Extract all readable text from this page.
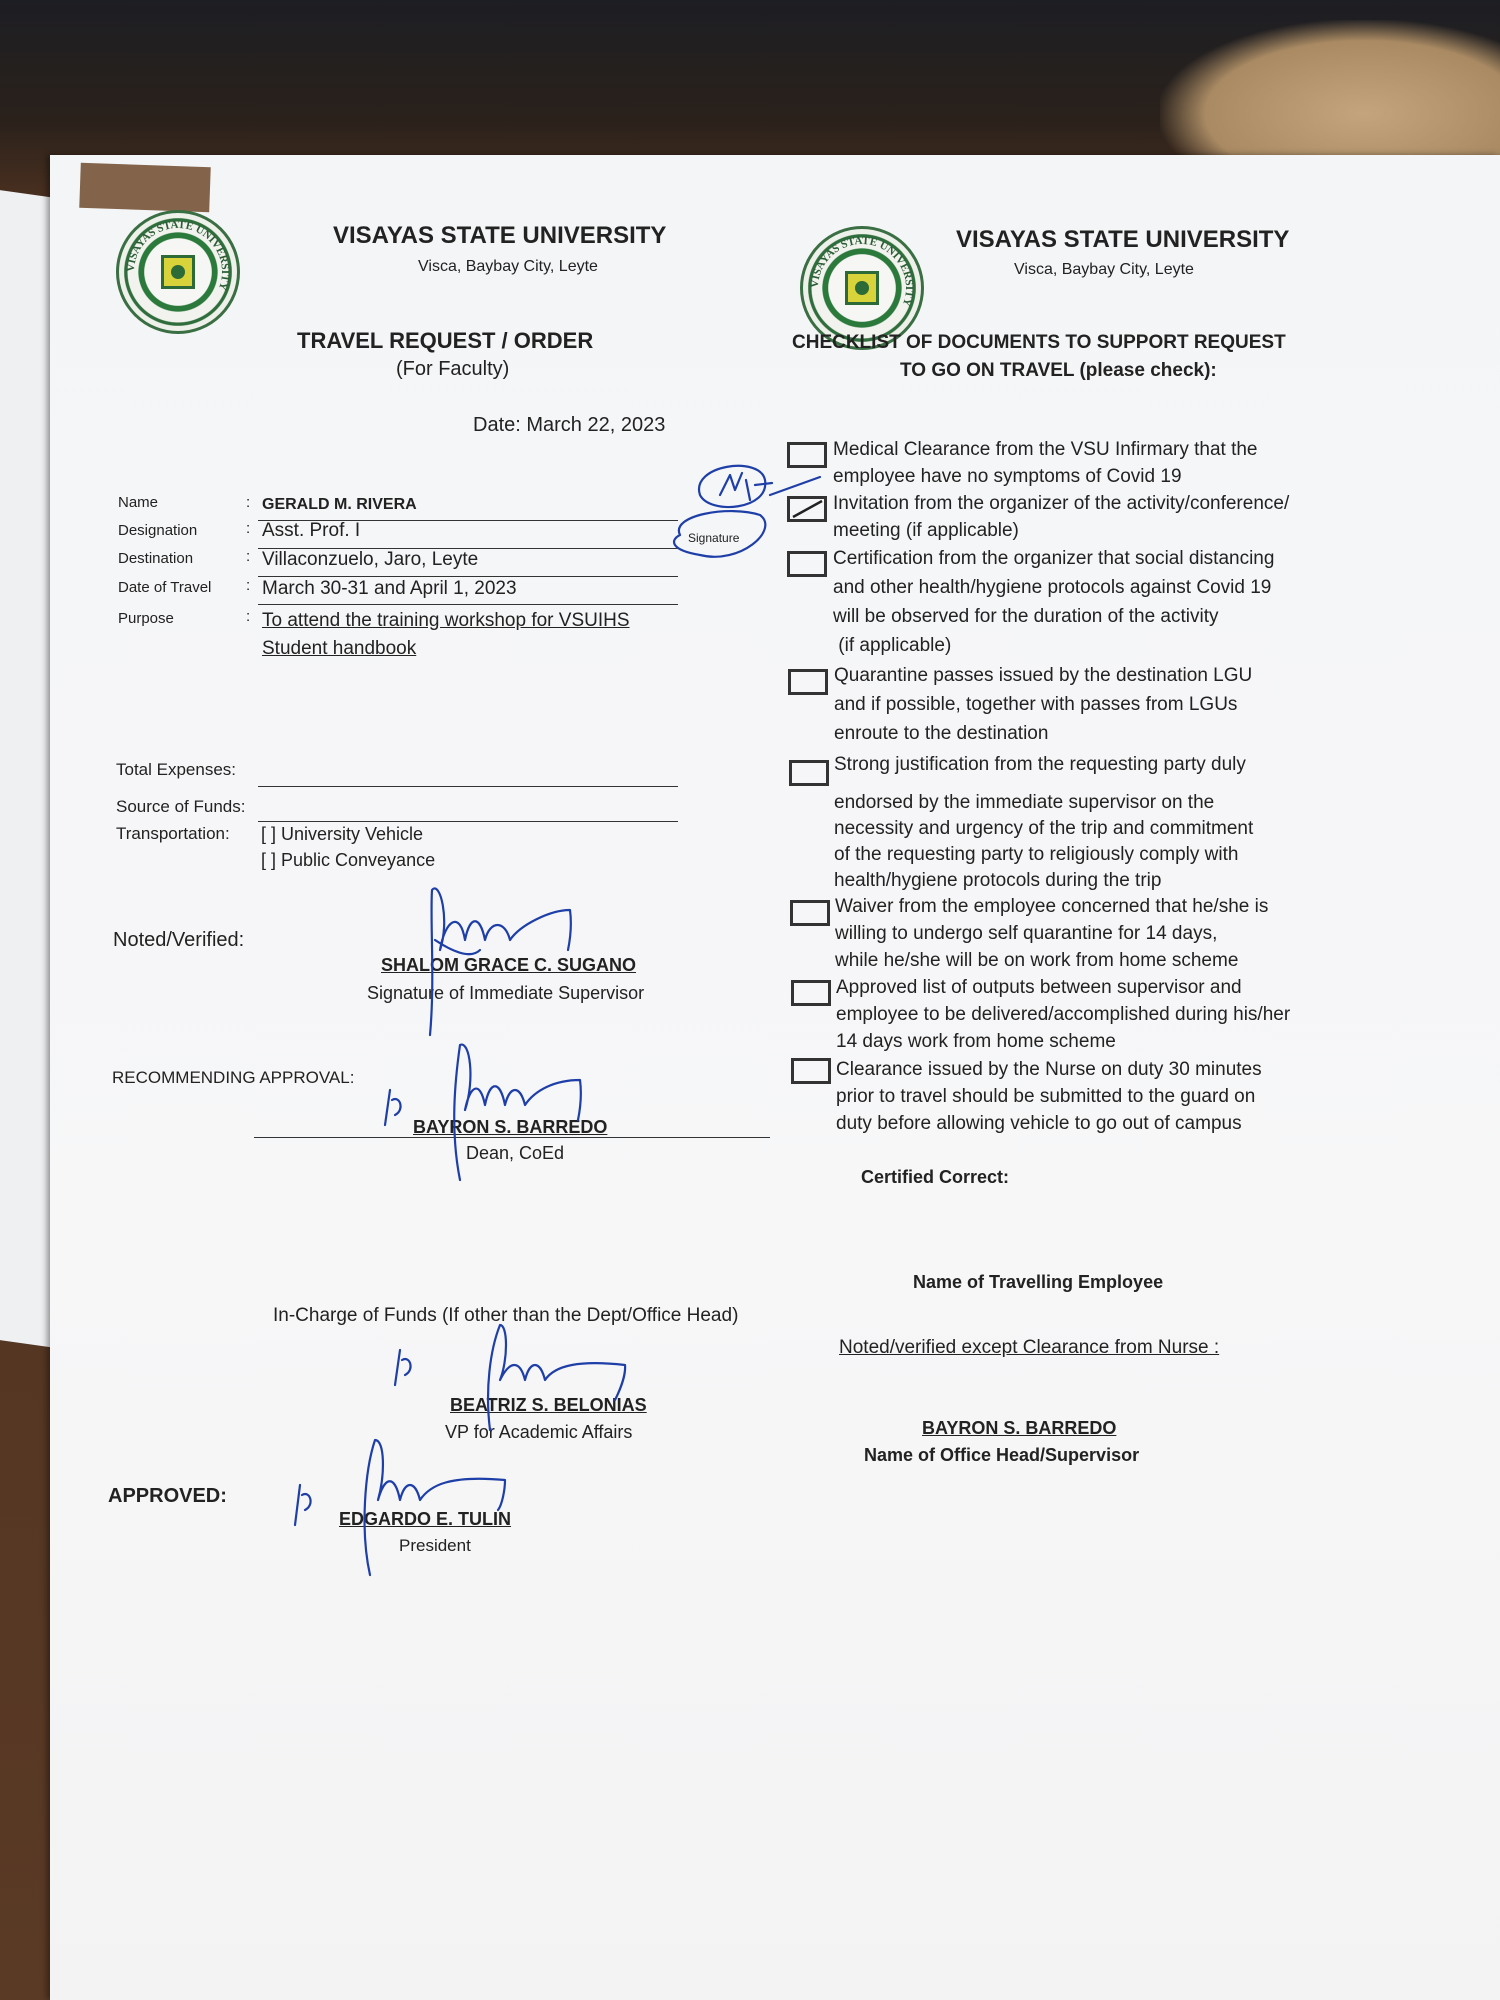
VISAYAS STATE UNIVERSITY
VISAYAS STATE UNIVERSITY
Visca, Baybay City, Leyte
TRAVEL REQUEST / ORDER
(For Faculty)
Date: March 22, 2023
Name	: GERALD M. RIVERA
Designation	: Asst. Prof. I
Destination	: Villaconzuelo, Jaro, Leyte
Date of Travel : March 30-31 and April 1, 2023
Purpose	: To attend the training workshop for VSUIHS
Student handbook
Signature
Total Expenses:
Source of Funds:
Transportation: [ ] University Vehicle
[ ] Public Conveyance
Noted/Verified:
SHALOM GRACE C. SUGANO
Signature of Immediate Supervisor
RECOMMENDING APPROVAL:
BAYRON S. BARREDO
Dean, CoEd
In-Charge of Funds (If other than the Dept/Office Head)
BEATRIZ S. BELONIAS
VP for Academic Affairs
APPROVED:
EDGARDO E. TULIN
President
VISAYAS STATE UNIVERSITY
VISAYAS STATE UNIVERSITY
Visca, Baybay City, Leyte
CHECKLIST OF DOCUMENTS TO SUPPORT REQUEST
TO GO ON TRAVEL (please check):
Medical Clearance from the VSU Infirmary that the
employee have no symptoms of Covid 19
Invitation from the organizer of the activity/conference/
meeting (if applicable)
Certification from the organizer that social distancing
and other health/hygiene protocols against Covid 19
will be observed for the duration of the activity
(if applicable)
Quarantine passes issued by the destination LGU
and if possible, together with passes from LGUs
enroute to the destination
Strong justification from the requesting party duly
endorsed by the immediate supervisor on the
necessity and urgency of the trip and commitment
of the requesting party to religiously comply with
health/hygiene protocols during the trip
Waiver from the employee concerned that he/she is
willing to undergo self quarantine for 14 days,
while he/she will be on work from home scheme
Approved list of outputs between supervisor and
employee to be delivered/accomplished during his/her
14 days work from home scheme
Clearance issued by the Nurse on duty 30 minutes
prior to travel should be submitted to the guard on
duty before allowing vehicle to go out of campus
Certified Correct:
Name of Travelling Employee
Noted/verified except Clearance from Nurse :
BAYRON S. BARREDO
Name of Office Head/Supervisor
